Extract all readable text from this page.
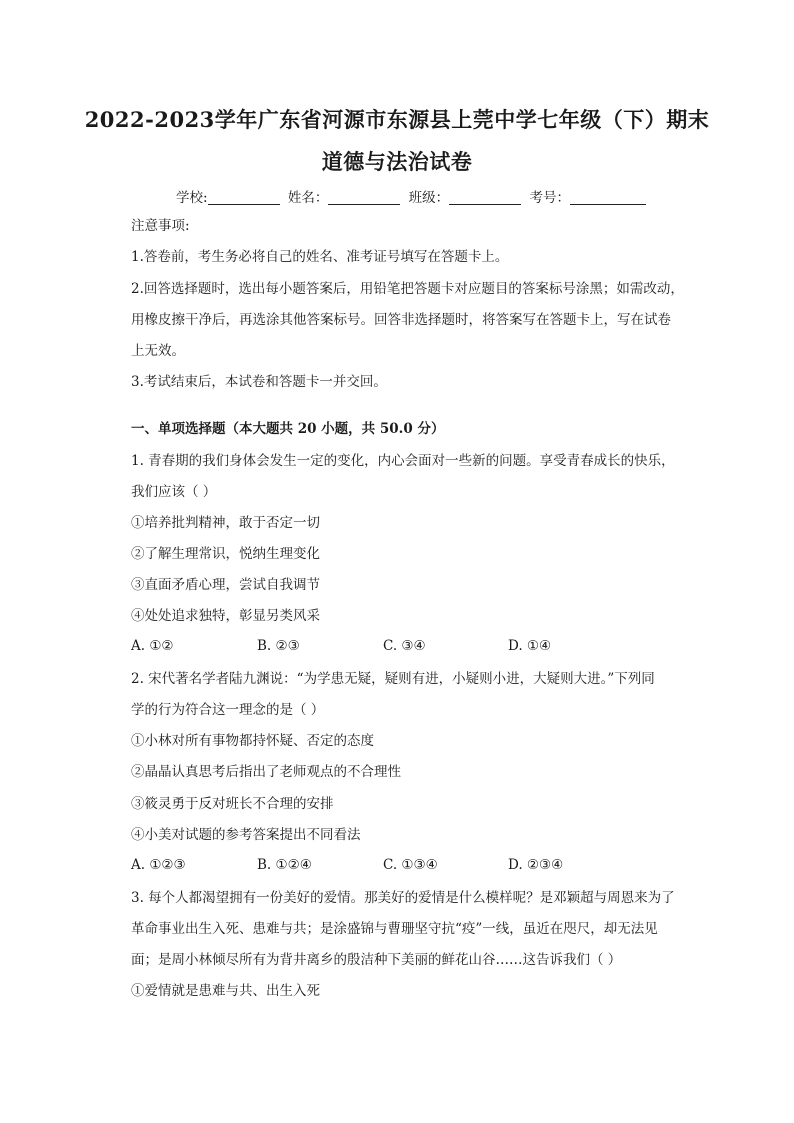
2022-2023学年广东省河源市东源县上莞中学七年级（下）期末
道德与法治试卷
学校:	姓名：	班级：	考号：
注意事项:
1.答卷前，考生务必将自己的姓名、准考证号填写在答题卡上。
2.回答选择题时，选出每小题答案后，用铅笔把答题卡对应题目的答案标号涂黑；如需改动，
用橡皮擦干净后，再选涂其他答案标号。回答非选择题时，将答案写在答题卡上，写在试卷
上无效。
3.考试结束后，本试卷和答题卡一并交回。
一、单项选择题（本大题共 20 小题，共 50.0 分）
1. 青春期的我们身体会发生一定的变化，内心会面对一些新的问题。享受青春成长的快乐，
我们应该（ ）
①培养批判精神，敢于否定一切
②了解生理常识，悦纳生理变化
③直面矛盾心理，尝试自我调节
④处处追求独特，彰显另类风采
A. ①②	B. ②③	C. ③④	D. ①④
2. 宋代著名学者陆九渊说：“为学患无疑，疑则有进，小疑则小进，大疑则大进。”下列同
学的行为符合这一理念的是（ ）
①小林对所有事物都持怀疑、否定的态度
②晶晶认真思考后指出了老师观点的不合理性
③筱灵勇于反对班长不合理的安排
④小美对试题的参考答案提出不同看法
A. ①②③	B. ①②④	C. ①③④	D. ②③④
3. 每个人都渴望拥有一份美好的爱情。那美好的爱情是什么模样呢？是邓颖超与周恩来为了
革命事业出生入死、患难与共；是涂盛锦与曹珊坚守抗“疫”一线，虽近在咫尺，却无法见
面；是周小林倾尽所有为背井离乡的殷洁种下美丽的鲜花山谷……这告诉我们（ ）
①爱情就是患难与共、出生入死
